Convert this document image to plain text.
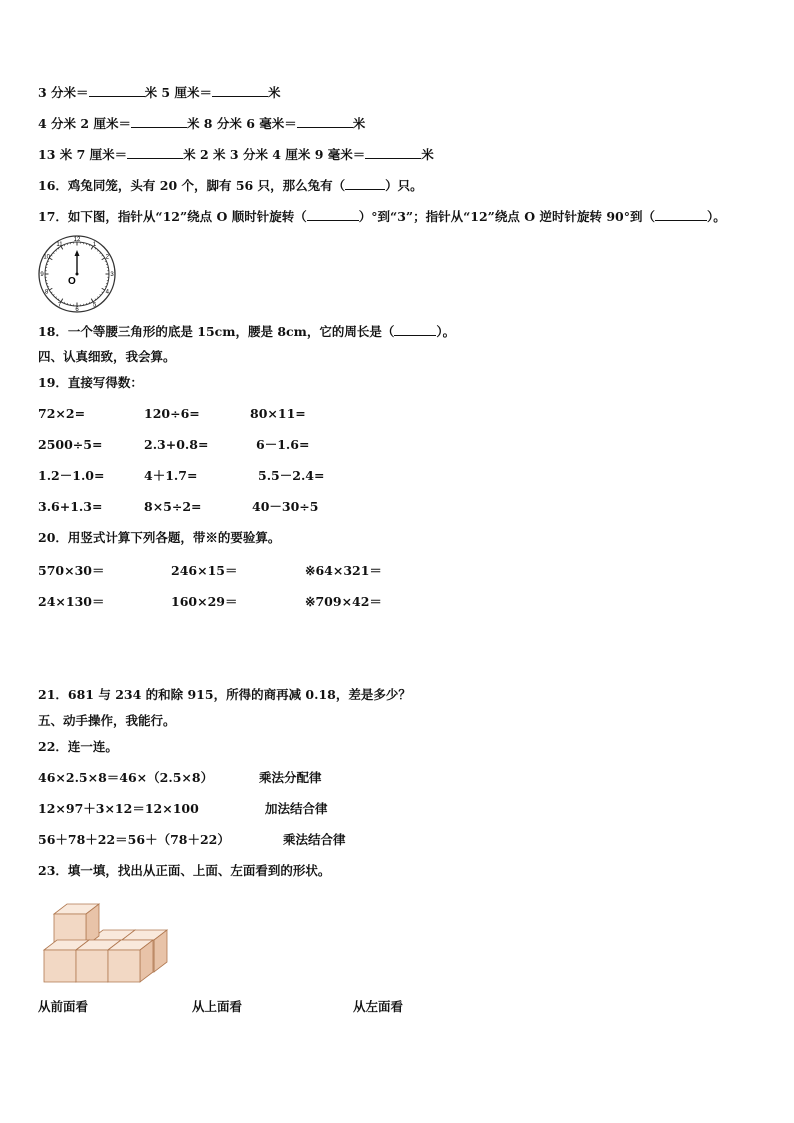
3 分米＝	米 5 厘米＝	米
4 分米 2 厘米＝	米 8 分米 6 毫米＝	米
13 米 7 厘米＝	米 2 米 3 分米 4 厘米 9 毫米＝	米
16．鸡兔同笼，头有 20 个，脚有 56 只，那么兔有（	）只。
17．如下图，指针从“12”绕点 O 顺时针旋转（	）°到“3”；指针从“12”绕点 O 逆时针旋转 90°到（	）。
12
1
2
3
4
5
6
7
8
9
10
11
O
18．一个等腰三角形的底是 15cm，腰是 8cm，它的周长是（	）。
四、认真细致，我会算。
19．直接写得数：
72×2=	120÷6=	80×11=
2500÷5=	2.3+0.8=	6－1.6=
1.2－1.0=	4＋1.7=	5.5－2.4=
3.6+1.3=	8×5÷2=	40－30÷5
20．用竖式计算下列各题，带※的要验算。
570×30＝	246×15＝	※64×321＝
24×130＝	160×29＝	※709×42＝
21．681 与 234 的和除 915，所得的商再减 0.18，差是多少？
五、动手操作，我能行。
22．连一连。
46×2.5×8＝46×（2.5×8）	乘法分配律
12×97＋3×12＝12×100	加法结合律
56＋78＋22＝56＋（78＋22）	乘法结合律
23．填一填，找出从正面、上面、左面看到的形状。
从前面看	从上面看	从左面看
